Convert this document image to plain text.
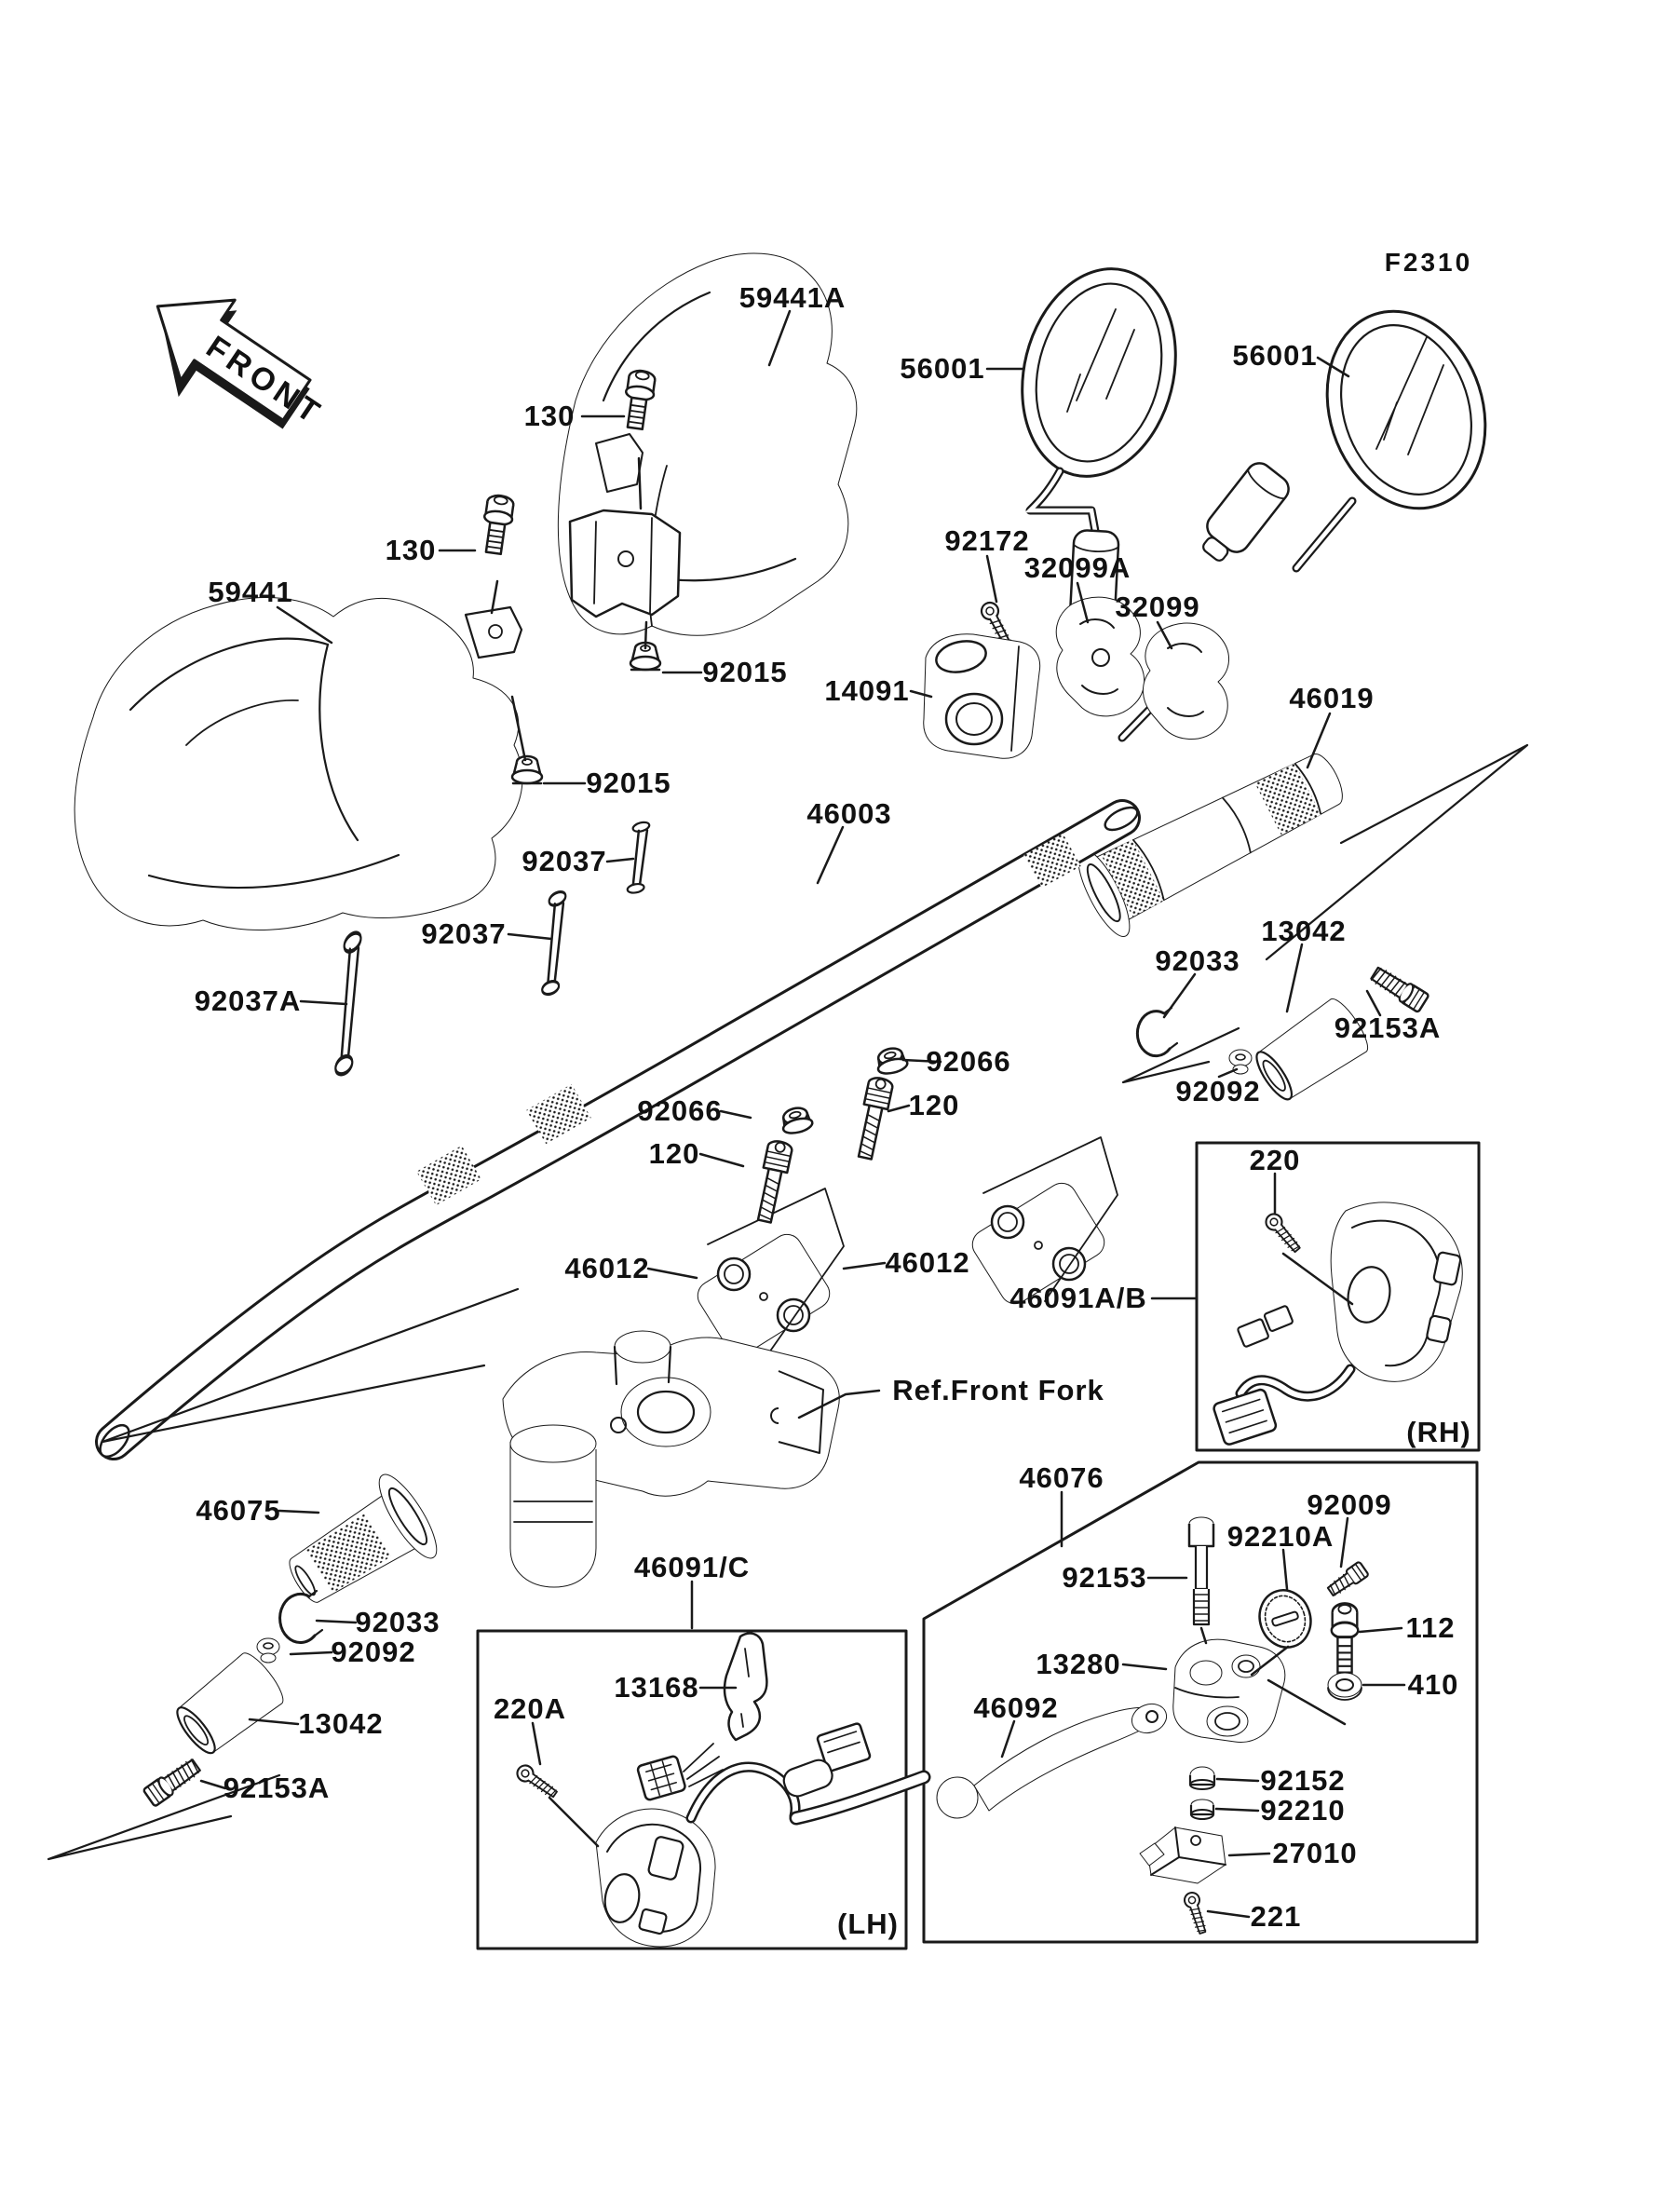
FRONT
F2310
130
59441A
56001	56001
92172
32099A
32099
130
59441
92015
14091	46019
92015
46003
92037
92037
92037A
13042
92033
92153A
92092
92066
120
92066
120
46012	46012
46091A/B
Ref.Front Fork
220
(RH)
46075
46091/C
92033
92092
13042
92153A
220A
13168
(LH)
46076
92009
92210A
92153
112
410
13280
46092
92152
92210
27010
221
